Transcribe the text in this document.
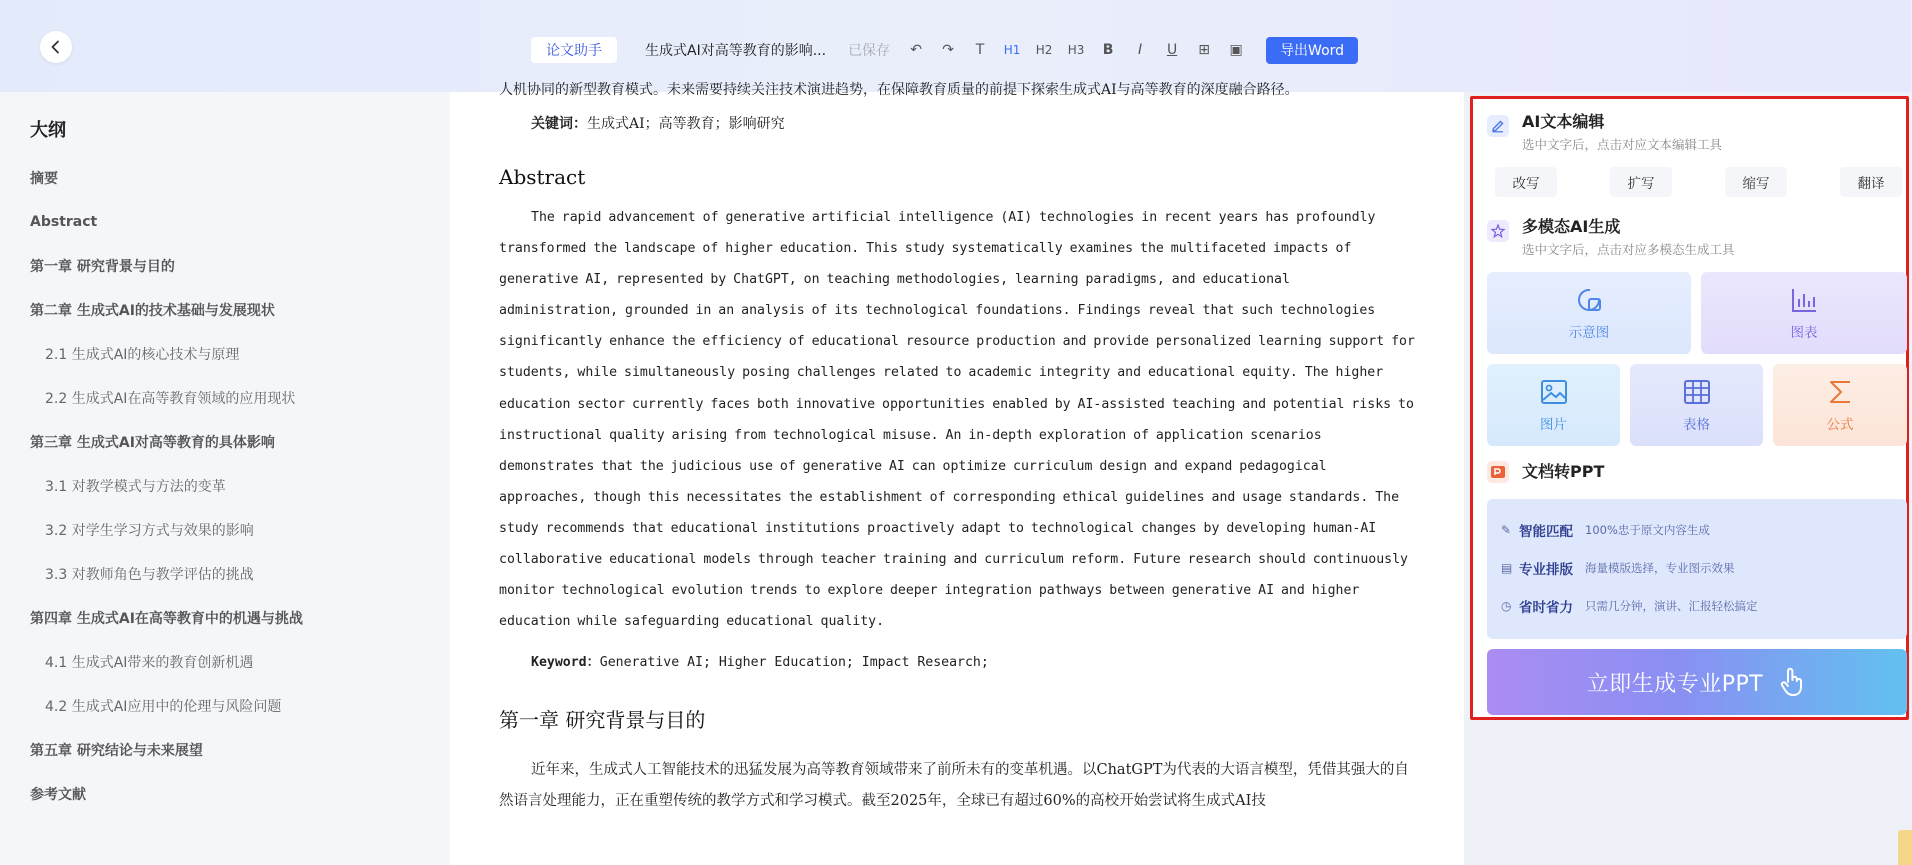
论文助手	生成式AI对高等教育的影响... 已保存	↶	↷	T	H1	H2	H3	B	I	U	⊞	▣	导出Word
大纲
摘要
Abstract
第一章 研究背景与目的
第二章 生成式AI的技术基础与发展现状
2.1 生成式AI的核心技术与原理
2.2 生成式AI在高等教育领域的应用现状
第三章 生成式AI对高等教育的具体影响
3.1 对教学模式与方法的变革
3.2 对学生学习方式与效果的影响
3.3 对教师角色与教学评估的挑战
第四章 生成式AI在高等教育中的机遇与挑战
4.1 生成式AI带来的教育创新机遇
4.2 生成式AI应用中的伦理与风险问题
第五章 研究结论与未来展望
参考文献
人机协同的新型教育模式。未来需要持续关注技术演进趋势，在保障教育质量的前提下探索生成式AI与高等教育的深度融合路径。
关键词：生成式AI；高等教育；影响研究
Abstract
The rapid advancement of generative artificial intelligence (AI) technologies in recent years has profoundly transformed the landscape of higher education. This study systematically examines the multifaceted impacts of generative AI, represented by ChatGPT, on teaching methodologies, learning paradigms, and educational administration, grounded in an analysis of its technological foundations. Findings reveal that such technologies significantly enhance the efficiency of educational resource production and provide personalized learning support for students, while simultaneously posing challenges related to academic integrity and educational equity. The higher education sector currently faces both innovative opportunities enabled by AI-assisted teaching and potential risks to instructional quality arising from technological misuse. An in-depth exploration of application scenarios demonstrates that the judicious use of generative AI can optimize curriculum design and expand pedagogical approaches, though this necessitates the establishment of corresponding ethical guidelines and usage standards. The study recommends that educational institutions proactively adapt to technological changes by developing human-AI collaborative educational models through teacher training and curriculum reform. Future research should continuously monitor technological evolution trends to explore deeper integration pathways between generative AI and higher education while safeguarding educational quality.
Keyword：Generative AI; Higher Education; Impact Research;
第一章 研究背景与目的
近年来，生成式人工智能技术的迅猛发展为高等教育领域带来了前所未有的变革机遇。以ChatGPT为代表的大语言模型，凭借其强大的自然语言处理能力，正在重塑传统的教学方式和学习模式。截至2025年，全球已有超过60%的高校开始尝试将生成式AI技
AI文本编辑
选中文字后，点击对应文本编辑工具
改写	扩写	缩写	翻译
多模态AI生成
选中文字后，点击对应多模态生成工具
示意图	图表
图片	表格	公式
文档转PPT
✎ 智能匹配 100%忠于原文内容生成
▤ 专业排版 海量模版选择，专业图示效果
◷ 省时省力 只需几分钟，演讲、汇报轻松搞定
立即生成专业PPT
